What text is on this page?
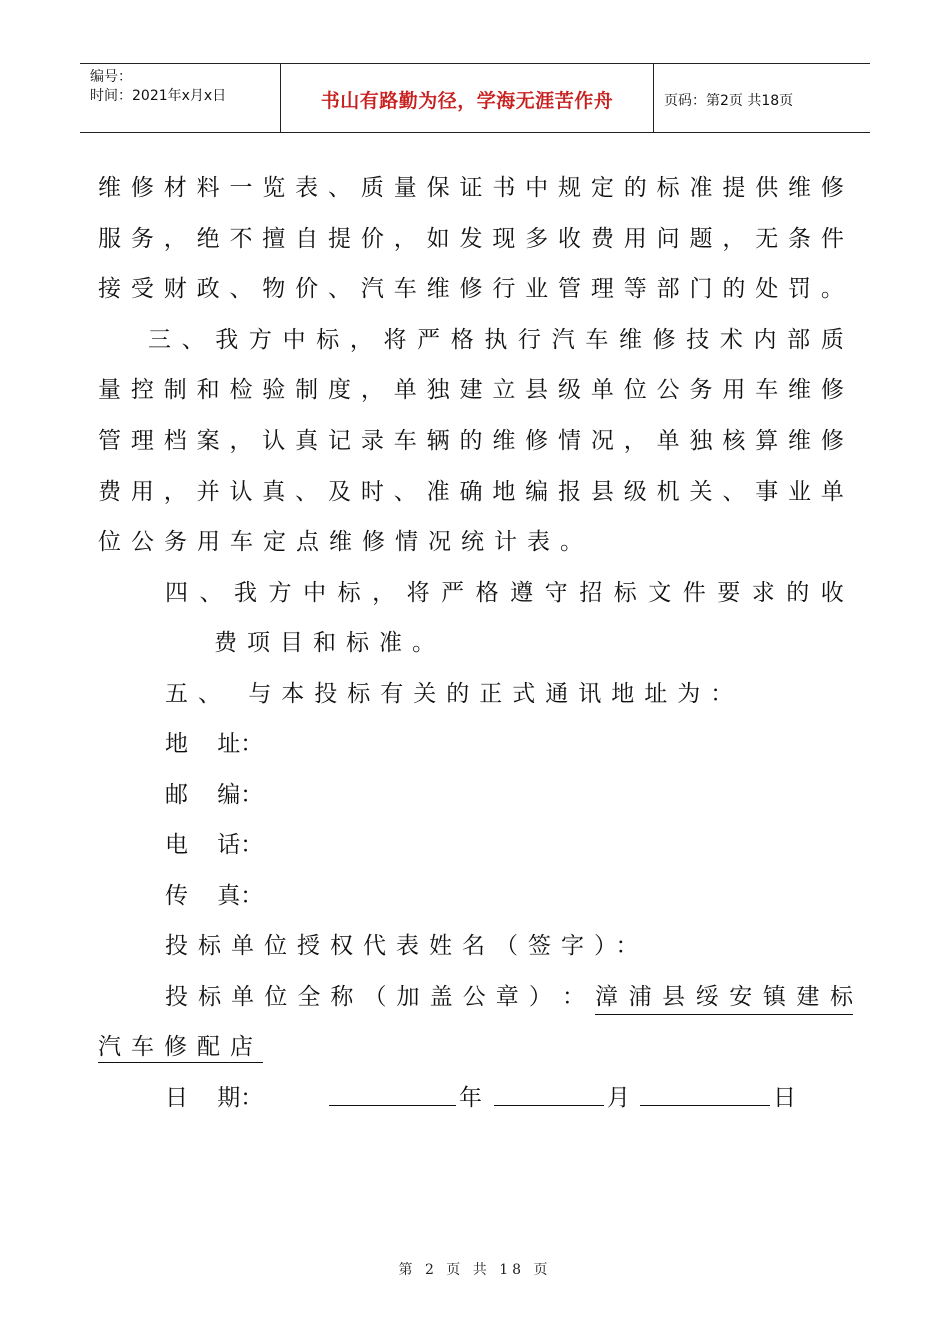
编号：
时间：2021年x月x日	书山有路勤为径，学海无涯苦作舟	页码：第2页 共18页
维 修 材 料 一 览 表 、 质 量 保 证 书 中 规 定 的 标 准 提 供 维 修
服 务 ， 绝 不 擅 自 提 价 ， 如 发 现 多 收 费 用 问 题 ， 无 条 件
接 受 财 政 、 物 价 、 汽 车 维 修 行 业 管 理 等 部 门 的 处 罚 。
三 、 我 方 中 标 ， 将 严 格 执 行 汽 车 维 修 技 术 内 部 质
量 控 制 和 检 验 制 度 ， 单 独 建 立 县 级 单 位 公 务 用 车 维 修
管 理 档 案 ， 认 真 记 录 车 辆 的 维 修 情 况 ， 单 独 核 算 维 修
费 用 ， 并 认 真 、 及 时 、 准 确 地 编 报 县 级 机 关 、 事 业 单
位公务用车定点维修情况统计表。
四 、 我 方 中 标 ， 将 严 格 遵 守 招 标 文 件 要 求 的 收
费项目和标准。
五、 与本投标有关的正式通讯地址为：
地    址：
邮    编：
电    话：
传    真：
投标单位授权代表姓名（签字）：
投 标 单 位 全 称 （ 加 盖 公 章 ） ： 漳 浦 县 绥 安 镇 建 标
汽车修配店
日    期：	年	月	日
第 2 页 共 18 页
